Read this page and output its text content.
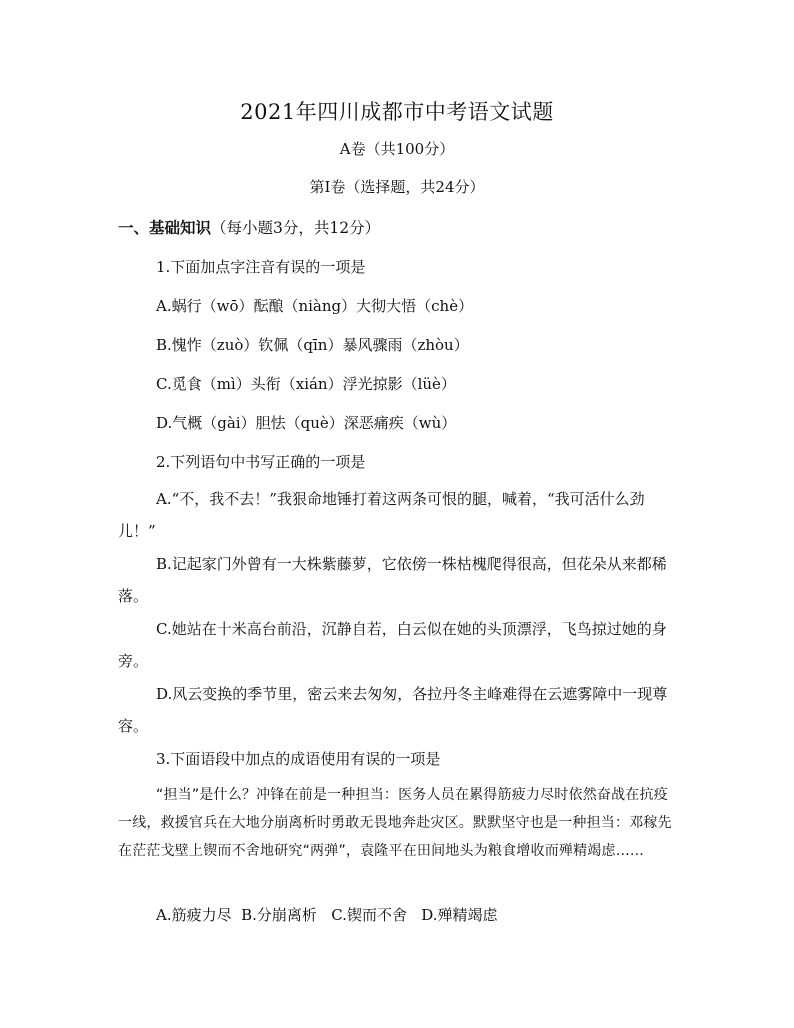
2021年四川成都市中考语文试题
A卷（共100分）
第I卷（选择题，共24分）
一、基础知识（每小题3分，共12分）
1.下面加点字注音有误的一项是
A.蜗行（wō）酝酿（niàng）大彻大悟（chè）
B.愧怍（zuò）钦佩（qīn）暴风骤雨（zhòu）
C.觅食（mì）头衔（xián）浮光掠影（lüè）
D.气概（gài）胆怯（què）深恶痛疾（wù）
2.下列语句中书写正确的一项是
A.“不，我不去！”我狠命地锤打着这两条可恨的腿，喊着，“我可活什么劲儿！”
B.记起家门外曾有一大株紫藤萝，它依傍一株枯槐爬得很高，但花朵从来都稀落。
C.她站在十米高台前沿，沉静自若，白云似在她的头顶漂浮，飞鸟掠过她的身旁。
D.风云变换的季节里，密云来去匆匆，各拉丹冬主峰难得在云遮雾障中一现尊容。
3.下面语段中加点的成语使用有误的一项是
“担当”是什么？冲锋在前是一种担当：医务人员在累得筋疲力尽时依然奋战在抗疫一线，救援官兵在大地分崩离析时勇敢无畏地奔赴灾区。默默坚守也是一种担当：邓稼先在茫茫戈壁上锲而不舍地研究“两弹”，袁隆平在田间地头为粮食增收而殚精竭虑……
A.筋疲力尽  B.分崩离析   C.锲而不舍   D.殚精竭虑
